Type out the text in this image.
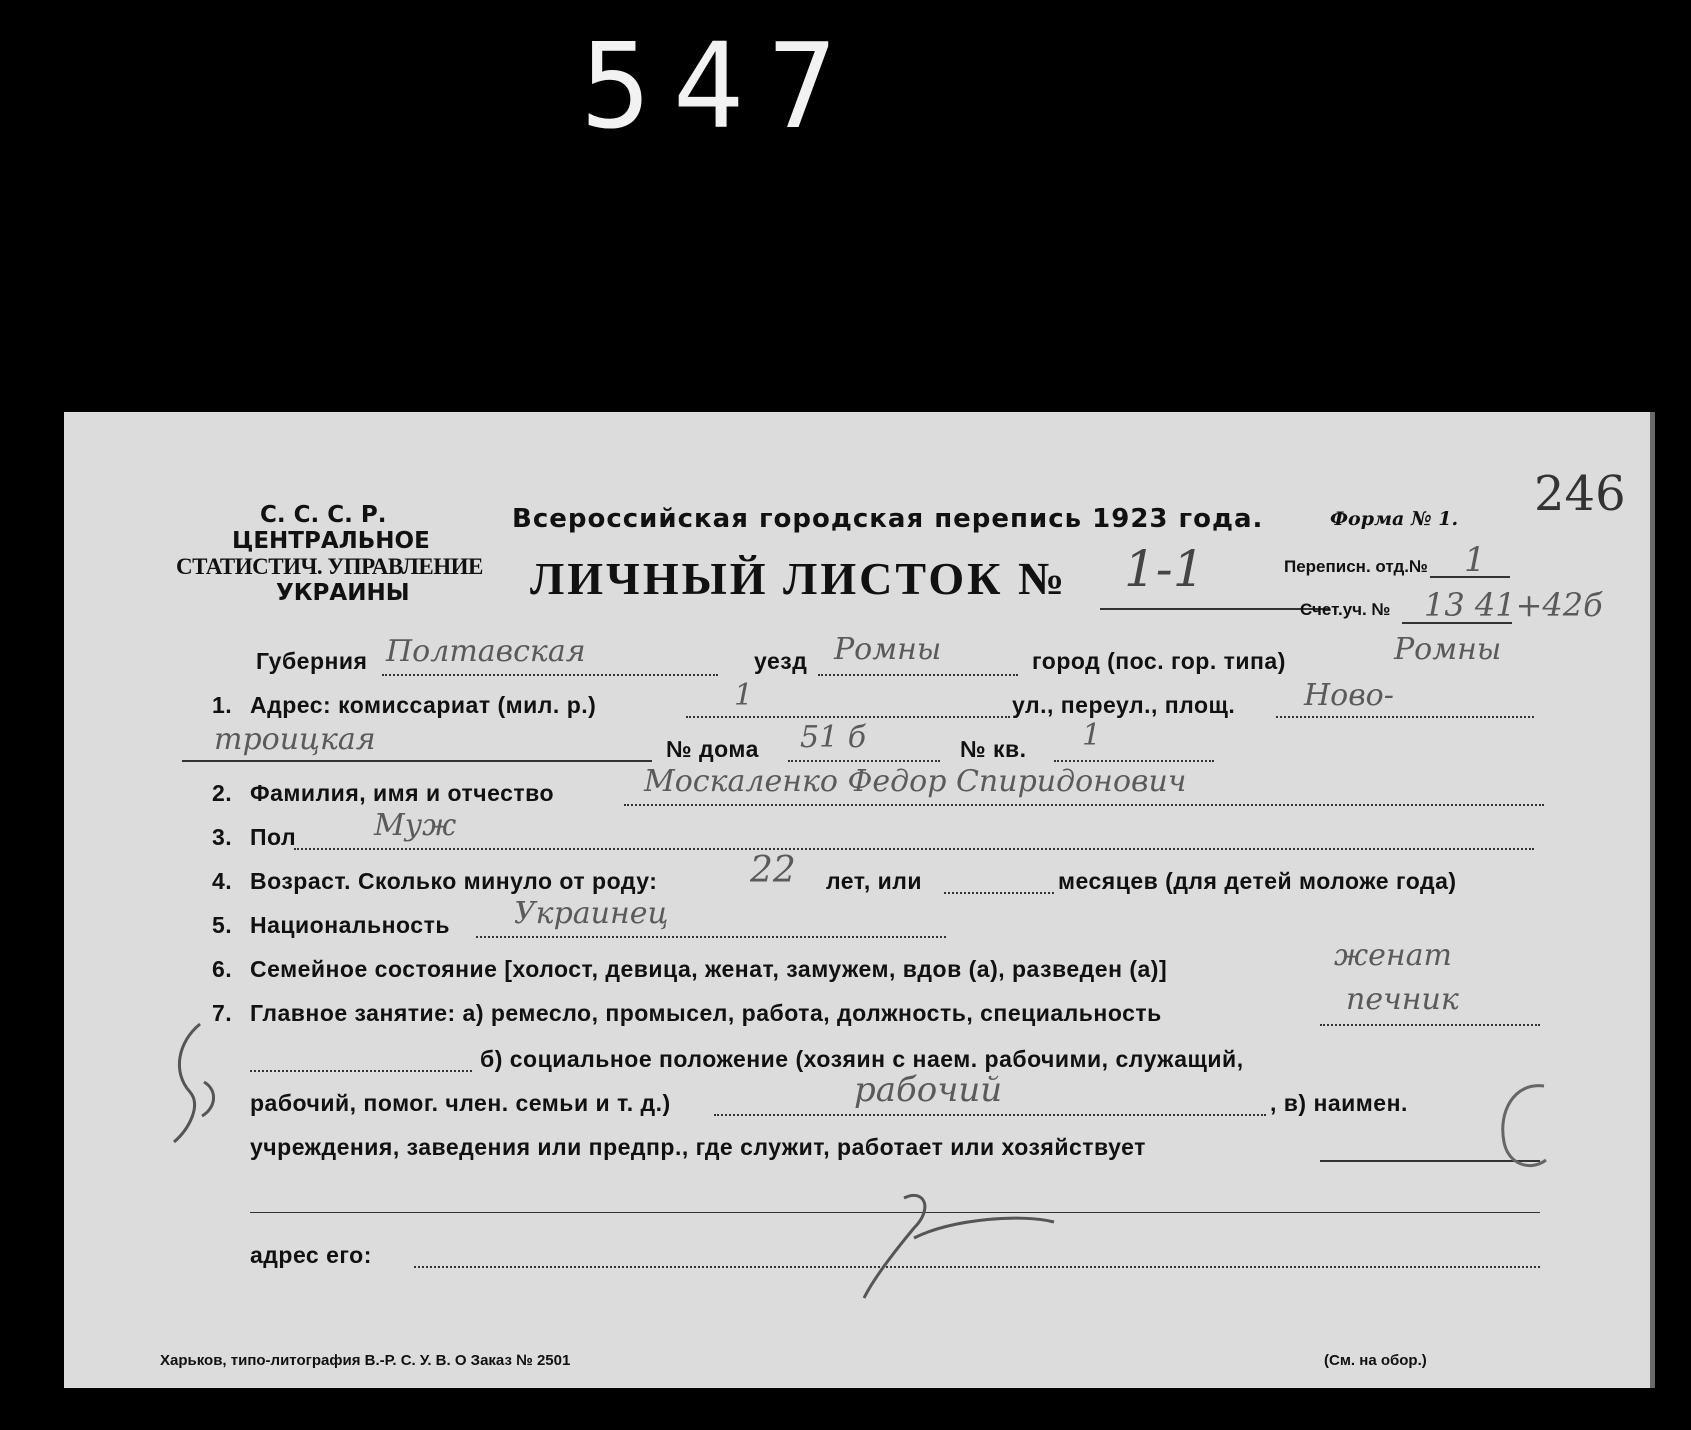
547
С. С. С. Р.
ЦЕНТРАЛЬНОЕ
СТАТИСТИЧ. УПРАВЛЕНИЕ
УКРАИНЫ
Всероссийская городская перепись 1923 года.	Форма № 1. 246
ЛИЧНЫЙ ЛИСТОК № 1-1	Переписн. отд.№ 1
Счет.уч. № 13 41+42б
Губерния Полтавская	уезд Ромны	город (пос. гор. типа)	Ромны
1. Адрес: комиссариат (мил. р.)	1	ул., переул., площ. Ново-
троицкая	№ дома 51 б	№ кв. 1
2. Фамилия, имя и отчество	Москаленко Федор Спиридонович
3. Пол	Муж
4. Возраст. Сколько минуло от роду:	22 лет, или	месяцев (для детей моложе года)
5. Национальность Украинец
6. Семейное состояние [холост, девица, женат, замужем, вдов (а), разведен (а)]	женат
7. Главное занятие: а) ремесло, промысел, работа, должность, специальность	печник
б) социальное положение (хозяин с наем. рабочими, служащий,
рабочий, помог. член. семьи и т. д.)	рабочий	, в) наимен.
учреждения, заведения или предпр., где служит, работает или хозяйствует
адрес его:
Харьков, типо-литография В.-Р. С. У. В. О Заказ № 2501	(См. на обор.)
